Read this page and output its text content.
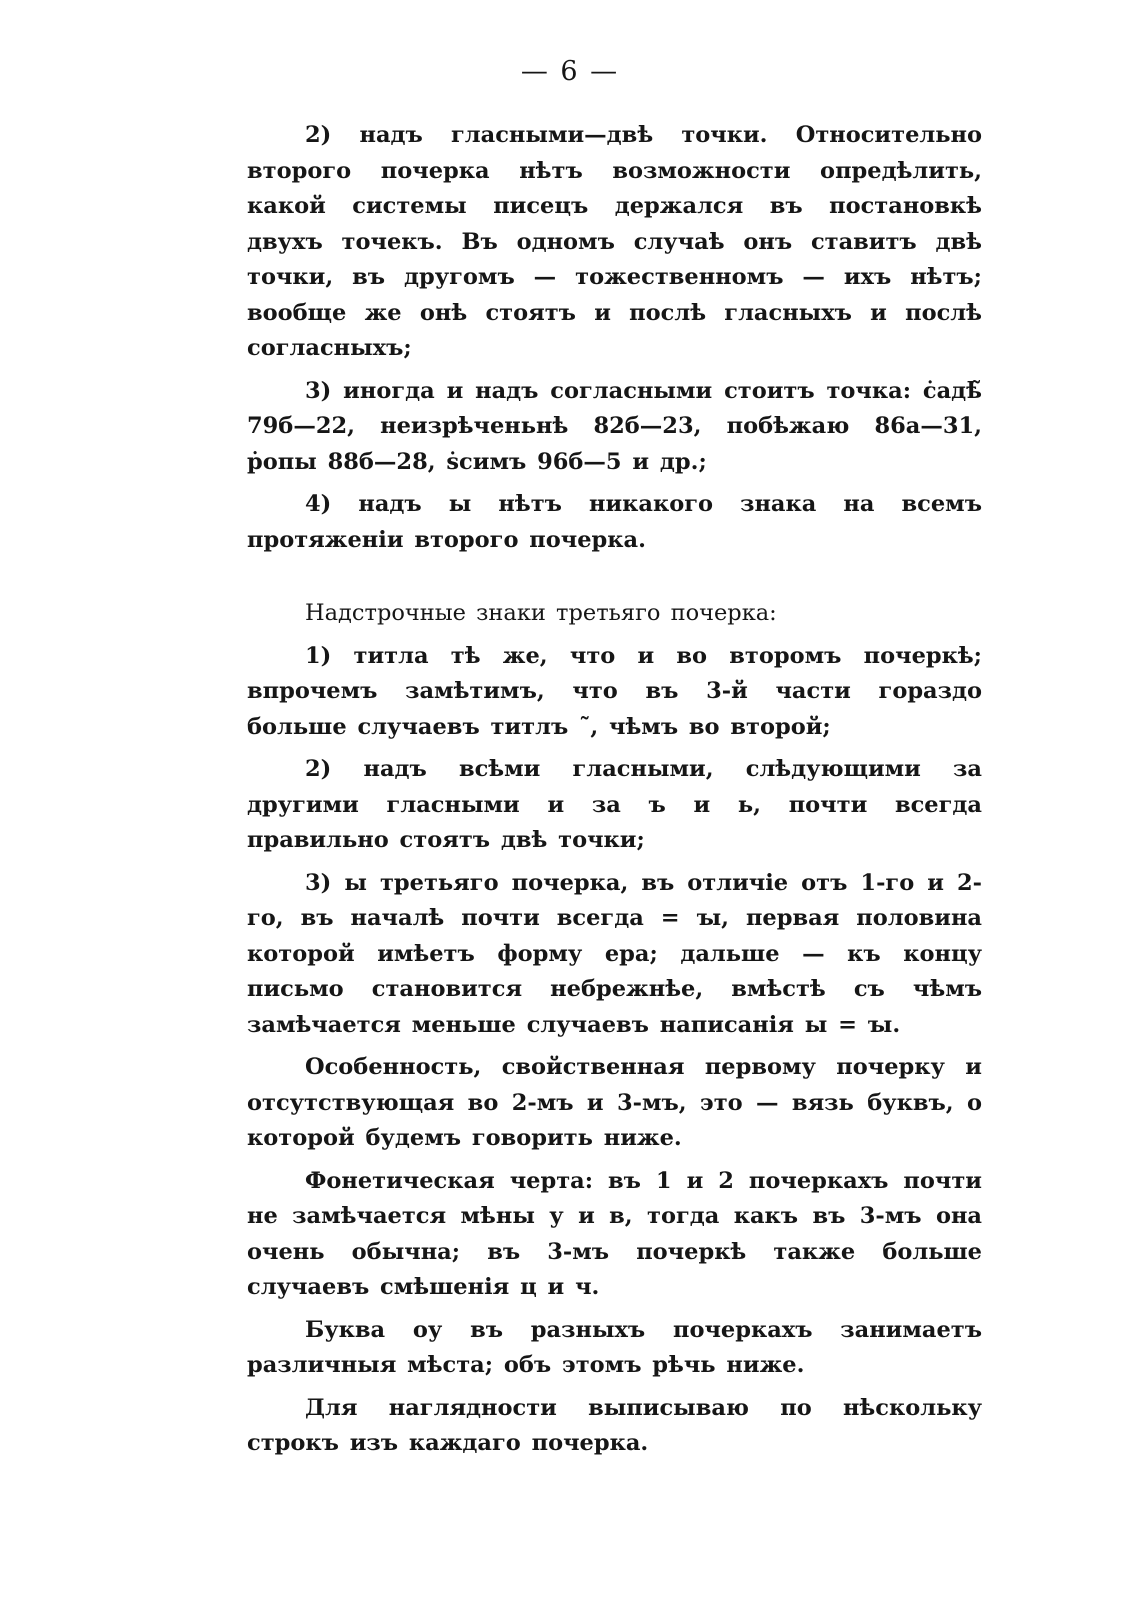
— 6 —

2) надъ гласными—двѣ точки. Относительно второго почерка нѣтъ возможности опредѣлить, какой системы писецъ держался въ постановкѣ двухъ точекъ. Въ одномъ случаѣ онъ ставитъ двѣ точки, въ другомъ — тожественномъ — ихъ нѣтъ; вообще же онѣ стоятъ и послѣ гласныхъ и послѣ согласныхъ;

3) иногда и надъ согласными стоитъ точка: ċадѣ̃ 79б—22, неизрѣченьнѣ 82б—23, побѣжаю 86а—31, ṗопы 88б—28, ṡсимъ 96б—5 и др.;

4) надъ ы нѣтъ никакого знака на всемъ протяженiи второго почерка.

Надстрочные знаки третьяго почерка:

1) титла тѣ же, что и во второмъ почеркѣ; впрочемъ замѣтимъ, что въ 3-й части гораздо больше случаевъ титлъ ˜, чѣмъ во второй;

2) надъ всѣми гласными, слѣдующими за другими гласными и за ъ и ь, почти всегда правильно стоятъ двѣ точки;

3) ы третьяго почерка, въ отличiе отъ 1-го и 2-го, въ началѣ почти всегда = ꙑ, первая половина которой имѣетъ форму ера; дальше — къ концу письмо становится небрежнѣе, вмѣстѣ съ чѣмъ замѣчается меньше случаевъ написанiя ы = ꙑ.

Особенность, свойственная первому почерку и отсутствующая во 2-мъ и 3-мъ, это — вязь буквъ, о которой будемъ говорить ниже.

Фонетическая черта: въ 1 и 2 почеркахъ почти не замѣчается мѣны у и в, тогда какъ въ 3-мъ она очень обычна; въ 3-мъ почеркѣ также больше случаевъ смѣшенiя ц и ч.

Буква оу въ разныхъ почеркахъ занимаетъ различныя мѣста; объ этомъ рѣчь ниже.

Для наглядности выписываю по нѣскольку строкъ изъ каждаго почерка.
